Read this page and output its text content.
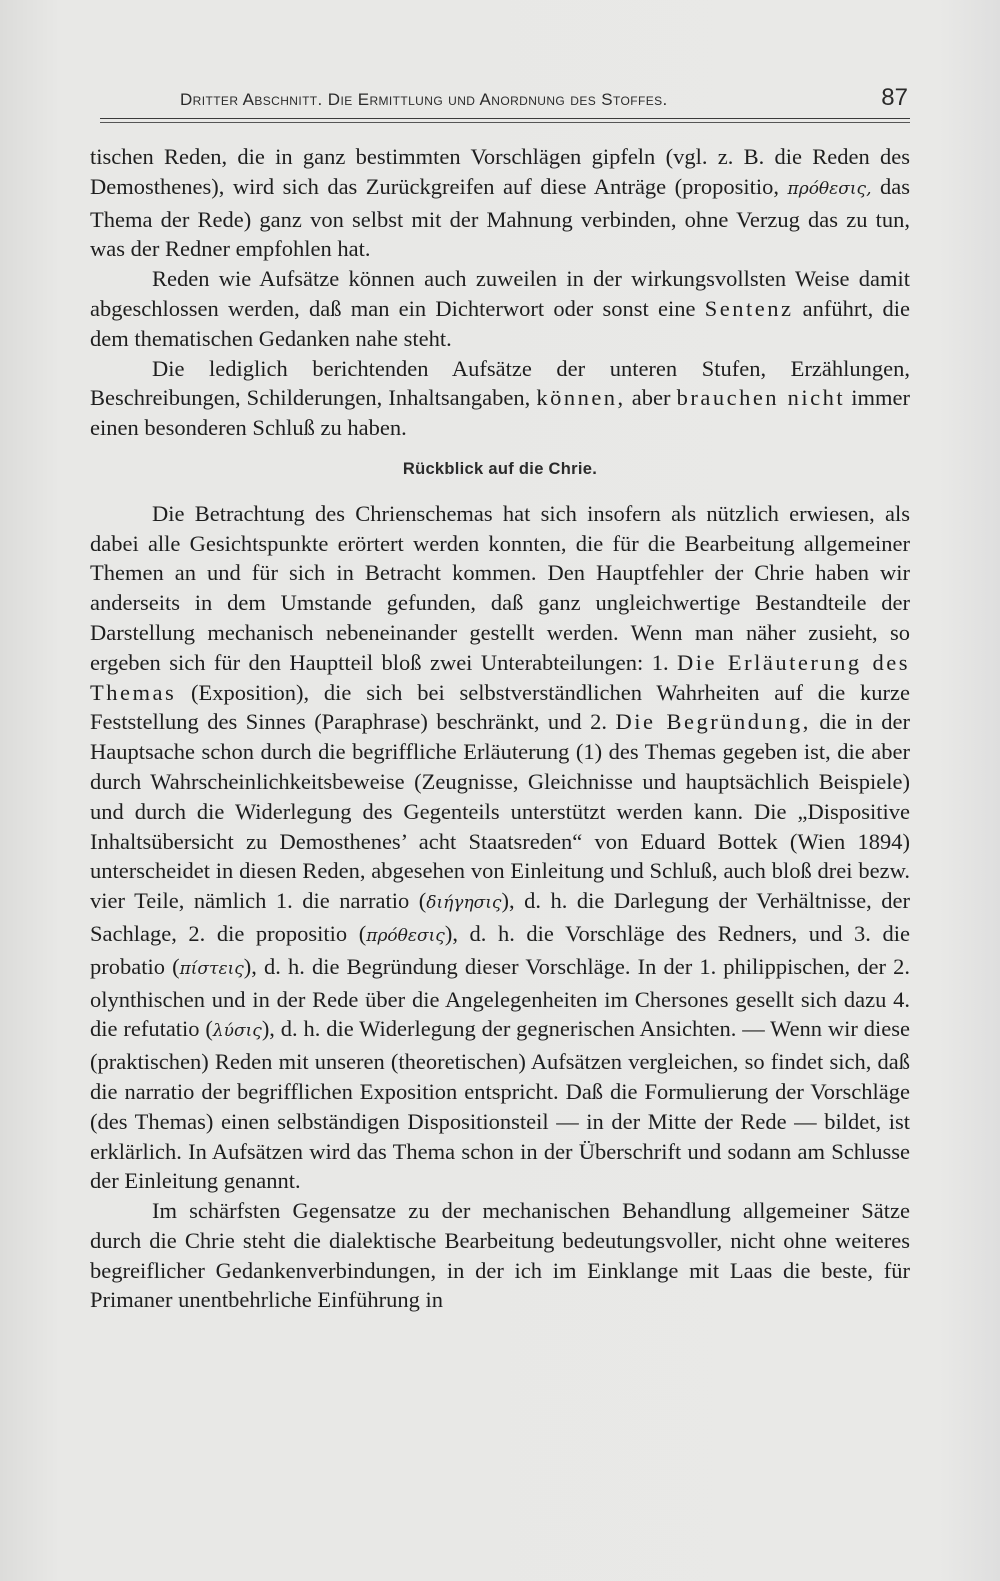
Dritter Abschnitt. Die Ermittlung und Anordnung des Stoffes.	87

tischen Reden, die in ganz bestimmten Vorschlägen gipfeln (vgl. z. B. die Reden des Demosthenes), wird sich das Zurückgreifen auf diese Anträge (propositio, πρόθεσις, das Thema der Rede) ganz von selbst mit der Mahnung verbinden, ohne Verzug das zu tun, was der Redner empfohlen hat.

Reden wie Aufsätze können auch zuweilen in der wirkungsvollsten Weise damit abgeschlossen werden, daß man ein Dichterwort oder sonst eine Sentenz anführt, die dem thematischen Gedanken nahe steht.

Die lediglich berichtenden Aufsätze der unteren Stufen, Erzählungen, Beschreibungen, Schilderungen, Inhaltsangaben, können, aber brauchen nicht immer einen besonderen Schluß zu haben.

Rückblick auf die Chrie.

Die Betrachtung des Chrienschemas hat sich insofern als nützlich erwiesen, als dabei alle Gesichtspunkte erörtert werden konnten, die für die Bearbeitung allgemeiner Themen an und für sich in Betracht kommen. Den Hauptfehler der Chrie haben wir anderseits in dem Umstande gefunden, daß ganz ungleichwertige Bestandteile der Darstellung mechanisch nebeneinander gestellt werden. Wenn man näher zusieht, so ergeben sich für den Hauptteil bloß zwei Unterabteilungen: 1. Die Erläuterung des Themas (Exposition), die sich bei selbstverständlichen Wahrheiten auf die kurze Feststellung des Sinnes (Paraphrase) beschränkt, und 2. Die Begründung, die in der Hauptsache schon durch die begriffliche Erläuterung (1) des Themas gegeben ist, die aber durch Wahrscheinlichkeitsbeweise (Zeugnisse, Gleichnisse und hauptsächlich Beispiele) und durch die Widerlegung des Gegenteils unterstützt werden kann. Die „Dispositive Inhaltsübersicht zu Demosthenes’ acht Staatsreden“ von Eduard Bottek (Wien 1894) unterscheidet in diesen Reden, abgesehen von Einleitung und Schluß, auch bloß drei bezw. vier Teile, nämlich 1. die narratio (διήγησις), d. h. die Darlegung der Verhältnisse, der Sachlage, 2. die propositio (πρόθεσις), d. h. die Vorschläge des Redners, und 3. die probatio (πίστεις), d. h. die Begründung dieser Vorschläge. In der 1. philippischen, der 2. olynthischen und in der Rede über die Angelegenheiten im Chersones gesellt sich dazu 4. die refutatio (λύσις), d. h. die Widerlegung der gegnerischen Ansichten. — Wenn wir diese (praktischen) Reden mit unseren (theoretischen) Aufsätzen vergleichen, so findet sich, daß die narratio der begrifflichen Exposition entspricht. Daß die Formulierung der Vorschläge (des Themas) einen selbständigen Dispositionsteil — in der Mitte der Rede — bildet, ist erklärlich. In Aufsätzen wird das Thema schon in der Überschrift und sodann am Schlusse der Einleitung genannt.

Im schärfsten Gegensatze zu der mechanischen Behandlung allgemeiner Sätze durch die Chrie steht die dialektische Bearbeitung bedeutungsvoller, nicht ohne weiteres begreiflicher Gedankenverbindungen, in der ich im Einklange mit Laas die beste, für Primaner unentbehrliche Einführung in
